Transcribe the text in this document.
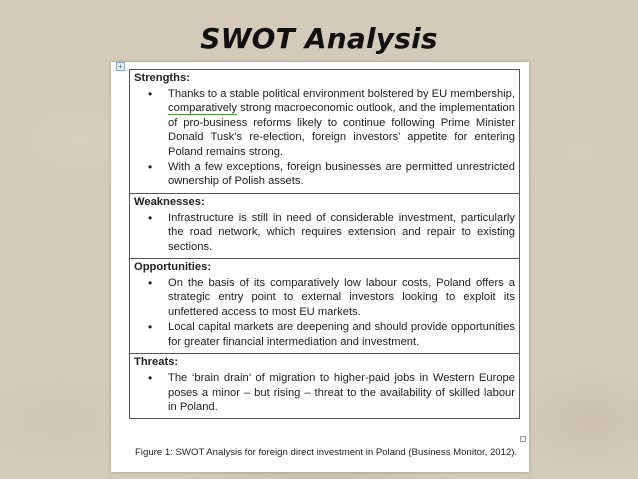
SWOT Analysis
+
Strengths:
• Thanks to a stable political environment bolstered by EU membership, comparatively strong macroeconomic outlook, and the implementation of pro-business reforms likely to continue following Prime Minister Donald Tusk’s re-election, foreign investors’ appetite for entering Poland remains strong.
• With a few exceptions, foreign businesses are permitted unrestricted ownership of Polish assets.

Weaknesses:
• Infrastructure is still in need of considerable investment, particularly the road network, which requires extension and repair to existing sections.

Opportunities:
• On the basis of its comparatively low labour costs, Poland offers a strategic entry point to external investors looking to exploit its unfettered access to most EU markets.
• Local capital markets are deepening and should provide opportunities for greater financial intermediation and investment.

Threats:
• The ‘brain drain’ of migration to higher-paid jobs in Western Europe poses a minor – but rising – threat to the availability of skilled labour in Poland.
Figure 1: SWOT Analysis for foreign direct investment in Poland (Business Monitor, 2012).
